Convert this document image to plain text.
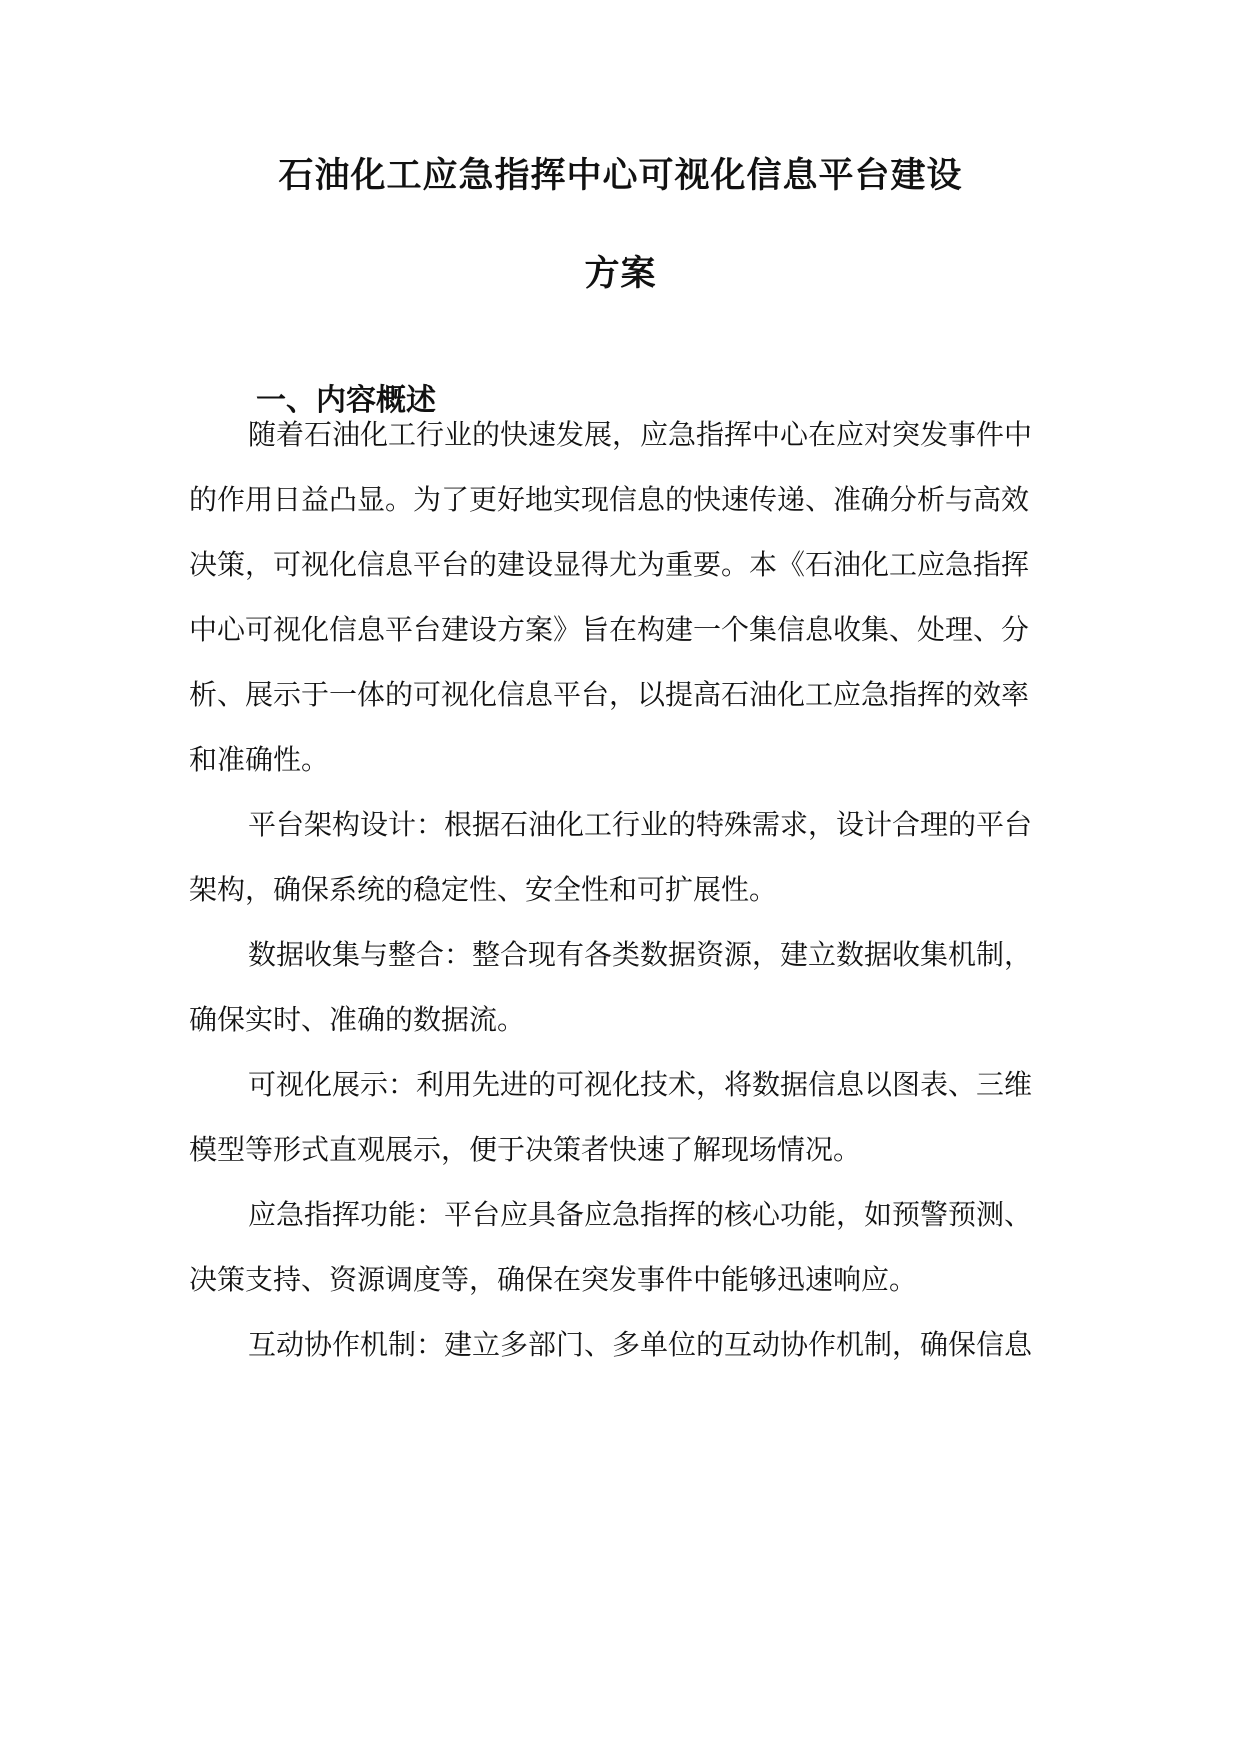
石油化工应急指挥中心可视化信息平台建设
方案
一、内容概述

随着石油化工行业的快速发展，应急指挥中心在应对突发事件中

的作用日益凸显。为了更好地实现信息的快速传递、准确分析与高效

决策，可视化信息平台的建设显得尤为重要。本《石油化工应急指挥

中心可视化信息平台建设方案》旨在构建一个集信息收集、处理、分

析、展示于一体的可视化信息平台，以提高石油化工应急指挥的效率

和准确性。

平台架构设计：根据石油化工行业的特殊需求，设计合理的平台

架构，确保系统的稳定性、安全性和可扩展性。

数据收集与整合：整合现有各类数据资源，建立数据收集机制，

确保实时、准确的数据流。

可视化展示：利用先进的可视化技术，将数据信息以图表、三维

模型等形式直观展示，便于决策者快速了解现场情况。

应急指挥功能：平台应具备应急指挥的核心功能，如预警预测、

决策支持、资源调度等，确保在突发事件中能够迅速响应。

互动协作机制：建立多部门、多单位的互动协作机制，确保信息
